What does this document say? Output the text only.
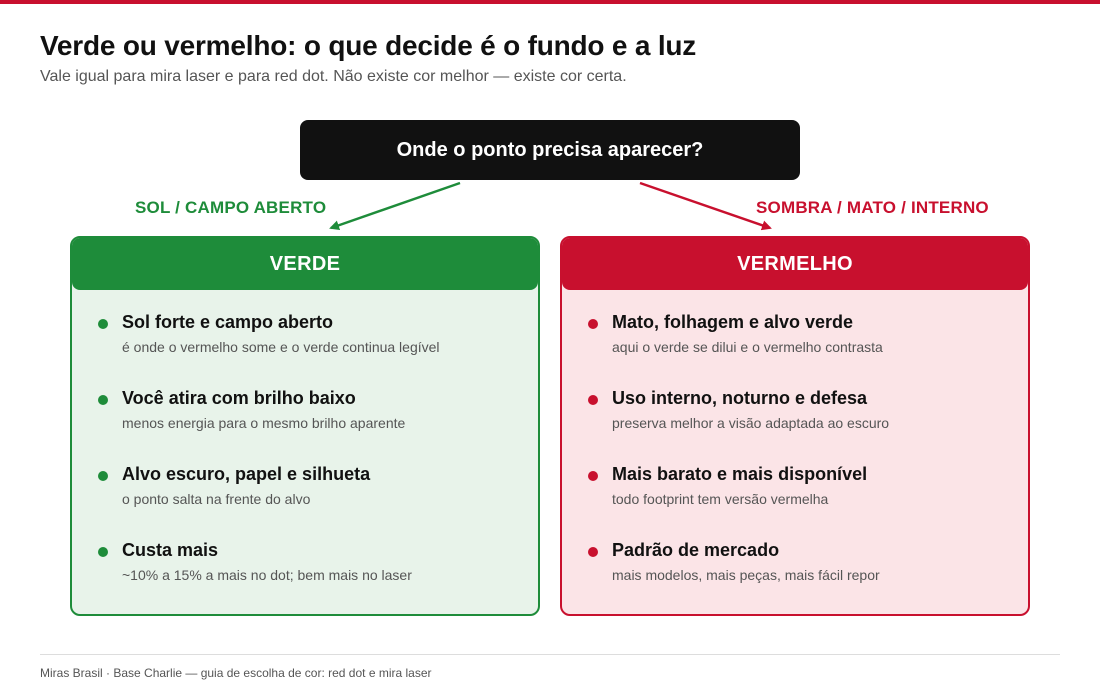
Verde ou vermelho: o que decide é o fundo e a luz

Vale igual para mira laser e para red dot. Não existe cor melhor — existe cor certa.

Onde o ponto precisa aparecer?
SOL / CAMPO ABERTO	SOMBRA / MATO / INTERNO
VERDE
Sol forte e campo aberto
é onde o vermelho some e o verde continua legível
Você atira com brilho baixo
menos energia para o mesmo brilho aparente
Alvo escuro, papel e silhueta
o ponto salta na frente do alvo
Custa mais
~10% a 15% a mais no dot; bem mais no laser
VERMELHO
Mato, folhagem e alvo verde
aqui o verde se dilui e o vermelho contrasta
Uso interno, noturno e defesa
preserva melhor a visão adaptada ao escuro
Mais barato e mais disponível
todo footprint tem versão vermelha
Padrão de mercado
mais modelos, mais peças, mais fácil repor
Miras Brasil · Base Charlie — guia de escolha de cor: red dot e mira laser
